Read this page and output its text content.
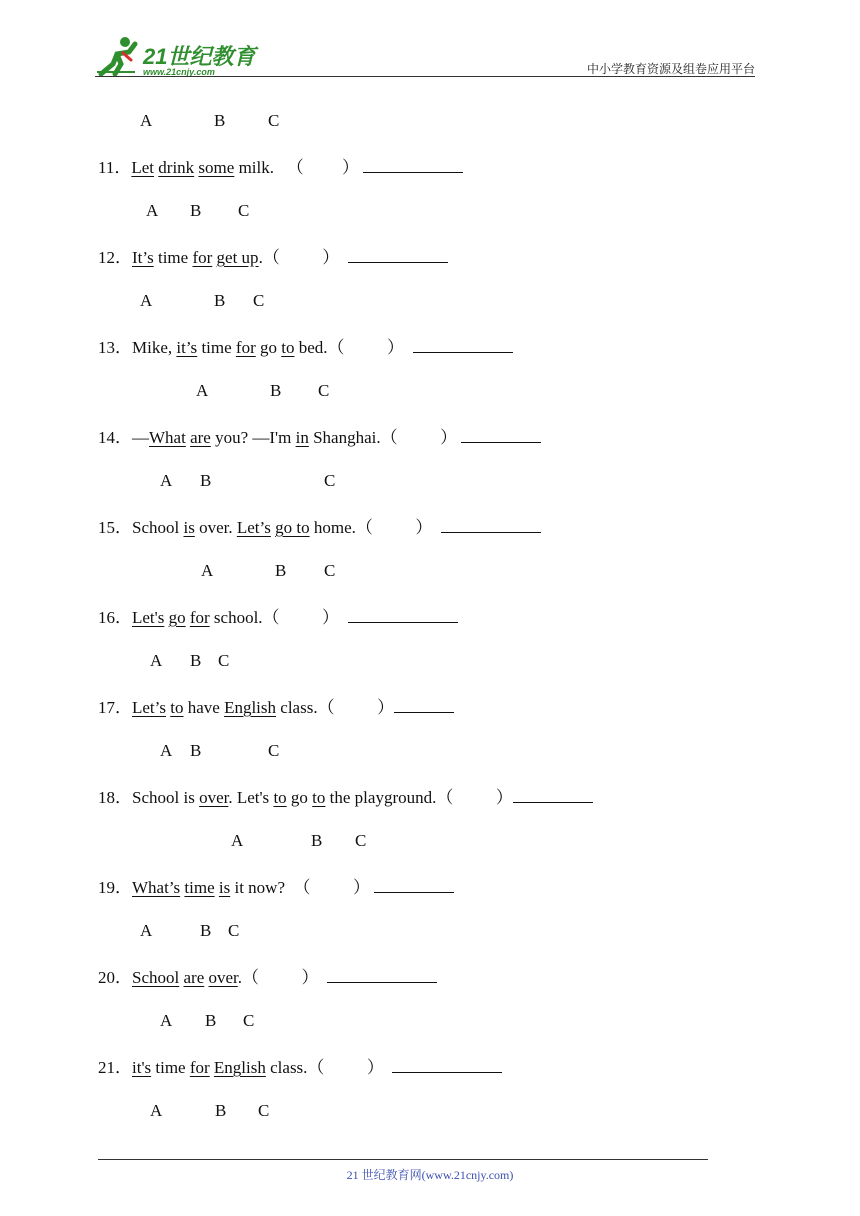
21世纪教育
www.21cnjy.com	中小学教育资源及组卷应用平台
A	B	C
11．Let drink some milk.   （         ）
A B C
12．It’s time for get up.（          ）
A	B C
13．Mike, it’s time for go to bed.（          ）
A	B C
14．—What are you? —I'm in Shanghai.（          ）
A B	C
15．School is over. Let’s go to home.（          ）
A	B C
16．Let's go for school.（          ）
A B C
17．Let’s to have English class.（          ）
A B	C
18．School is over. Let's to go to the playground.（          ）
A	B C
19．What’s time is it now?  （          ）
A	B C
20．School are over.（          ）
A B C
21．it's time for English class.（          ）
A	B C
21 世纪教育网(www.21cnjy.com)
